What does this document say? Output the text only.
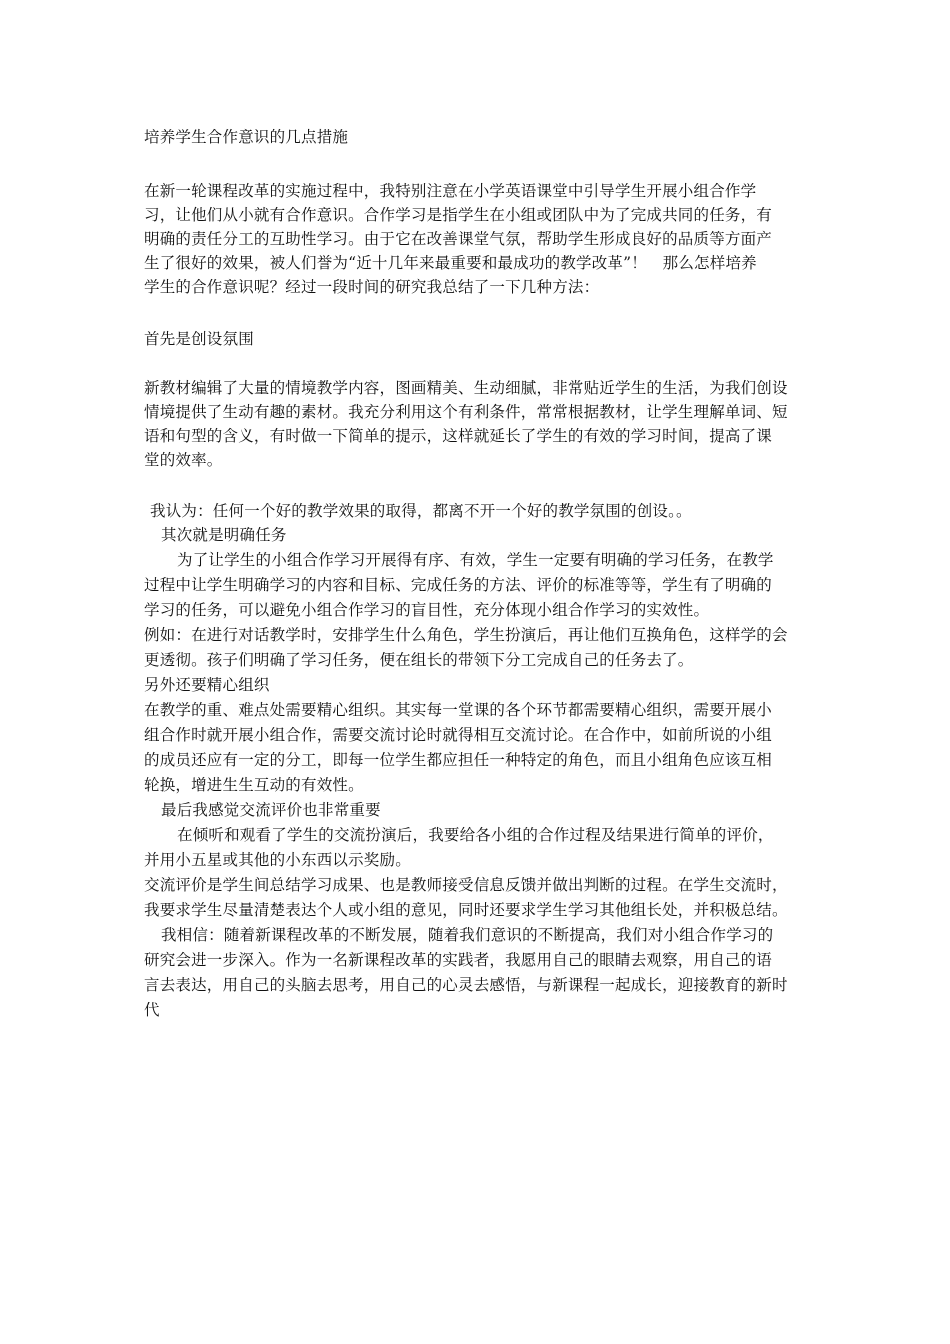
培养学生合作意识的几点措施
在新一轮课程改革的实施过程中，我特别注意在小学英语课堂中引导学生开展小组合作学
习，让他们从小就有合作意识。合作学习是指学生在小组或团队中为了完成共同的任务，有
明确的责任分工的互助性学习。由于它在改善课堂气氛，帮助学生形成良好的品质等方面产
生了很好的效果，被人们誉为“近十几年来最重要和最成功的教学改革”！　那么怎样培养
学生的合作意识呢？经过一段时间的研究我总结了一下几种方法：
首先是创设氛围
新教材编辑了大量的情境教学内容，图画精美、生动细腻，非常贴近学生的生活，为我们创设
情境提供了生动有趣的素材。我充分利用这个有利条件，常常根据教材，让学生理解单词、短
语和句型的含义，有时做一下简单的提示，这样就延长了学生的有效的学习时间，提高了课
堂的效率。
我认为：任何一个好的教学效果的取得，都离不开一个好的教学氛围的创设。。
其次就是明确任务
为了让学生的小组合作学习开展得有序、有效，学生一定要有明确的学习任务，在教学
过程中让学生明确学习的内容和目标、完成任务的方法、评价的标准等等，学生有了明确的
学习的任务，可以避免小组合作学习的盲目性，充分体现小组合作学习的实效性。
例如：在进行对话教学时，安排学生什么角色，学生扮演后，再让他们互换角色，这样学的会
更透彻。孩子们明确了学习任务，便在组长的带领下分工完成自己的任务去了。
另外还要精心组织
在教学的重、难点处需要精心组织。其实每一堂课的各个环节都需要精心组织，需要开展小
组合作时就开展小组合作，需要交流讨论时就得相互交流讨论。在合作中，如前所说的小组
的成员还应有一定的分工，即每一位学生都应担任一种特定的角色，而且小组角色应该互相
轮换，增进生生互动的有效性。
最后我感觉交流评价也非常重要
在倾听和观看了学生的交流扮演后，我要给各小组的合作过程及结果进行简单的评价，
并用小五星或其他的小东西以示奖励。
交流评价是学生间总结学习成果、也是教师接受信息反馈并做出判断的过程。在学生交流时，
我要求学生尽量清楚表达个人或小组的意见，同时还要求学生学习其他组长处，并积极总结。
我相信：随着新课程改革的不断发展，随着我们意识的不断提高，我们对小组合作学习的
研究会进一步深入。作为一名新课程改革的实践者，我愿用自己的眼睛去观察，用自己的语
言去表达，用自己的头脑去思考，用自己的心灵去感悟，与新课程一起成长，迎接教育的新时
代
